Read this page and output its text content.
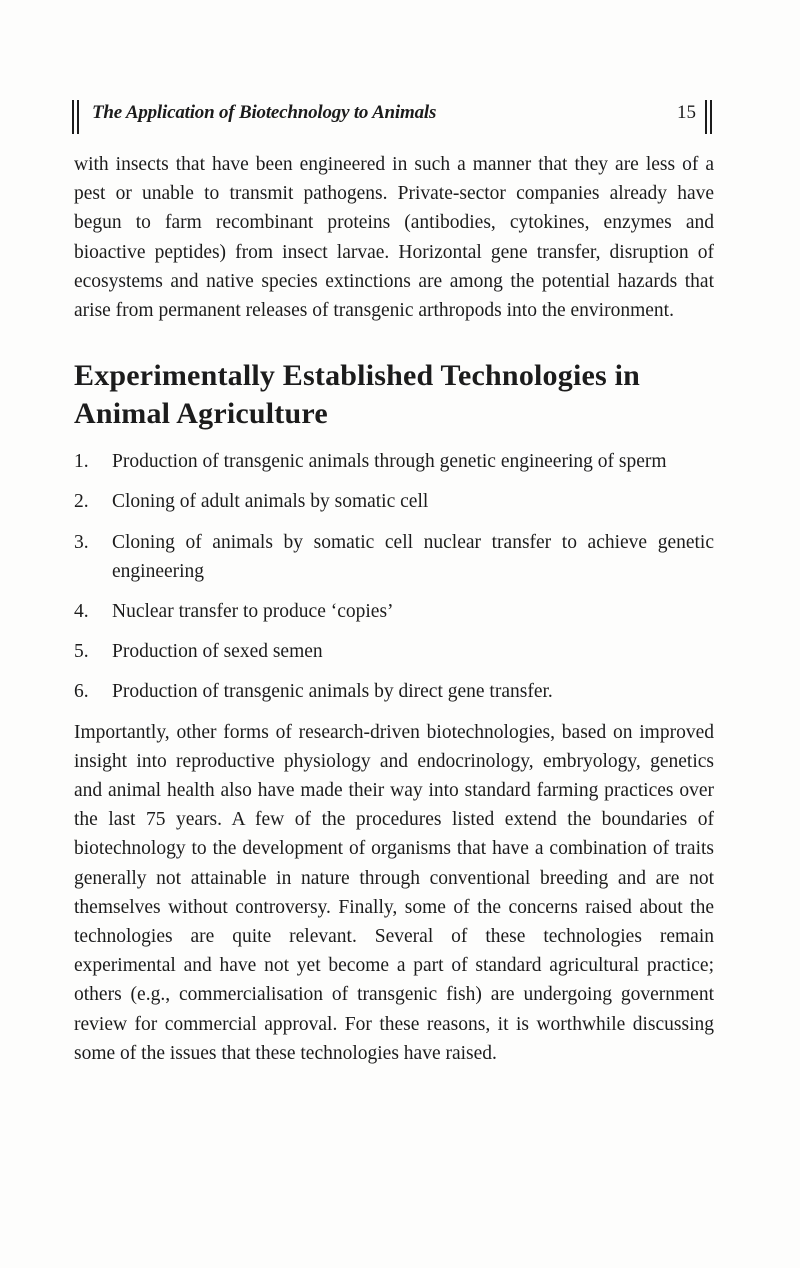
The Application of Biotechnology to Animals	15

with insects that have been engineered in such a manner that they are less of a pest or unable to transmit pathogens. Private-sector companies already have begun to farm recombinant proteins (antibodies, cytokines, enzymes and bioactive peptides) from insect larvae. Horizontal gene transfer, disruption of ecosystems and native species extinctions are among the potential hazards that arise from permanent releases of transgenic arthropods into the environment.

Experimentally Established Technologies in Animal Agriculture
1. Production of transgenic animals through genetic engineering of sperm
2. Cloning of adult animals by somatic cell
3. Cloning of animals by somatic cell nuclear transfer to achieve genetic engineering
4. Nuclear transfer to produce ‘copies’
5. Production of sexed semen
6. Production of transgenic animals by direct gene transfer.

Importantly, other forms of research-driven biotechnologies, based on improved insight into reproductive physiology and endocrinology, embryology, genetics and animal health also have made their way into standard farming practices over the last 75 years. A few of the procedures listed extend the boundaries of biotechnology to the development of organisms that have a combination of traits generally not attainable in nature through conventional breeding and are not themselves without controversy. Finally, some of the concerns raised about the technologies are quite relevant. Several of these technologies remain experimental and have not yet become a part of standard agricultural practice; others (e.g., commercialisation of transgenic fish) are undergoing government review for commercial approval. For these reasons, it is worthwhile discussing some of the issues that these technologies have raised.
